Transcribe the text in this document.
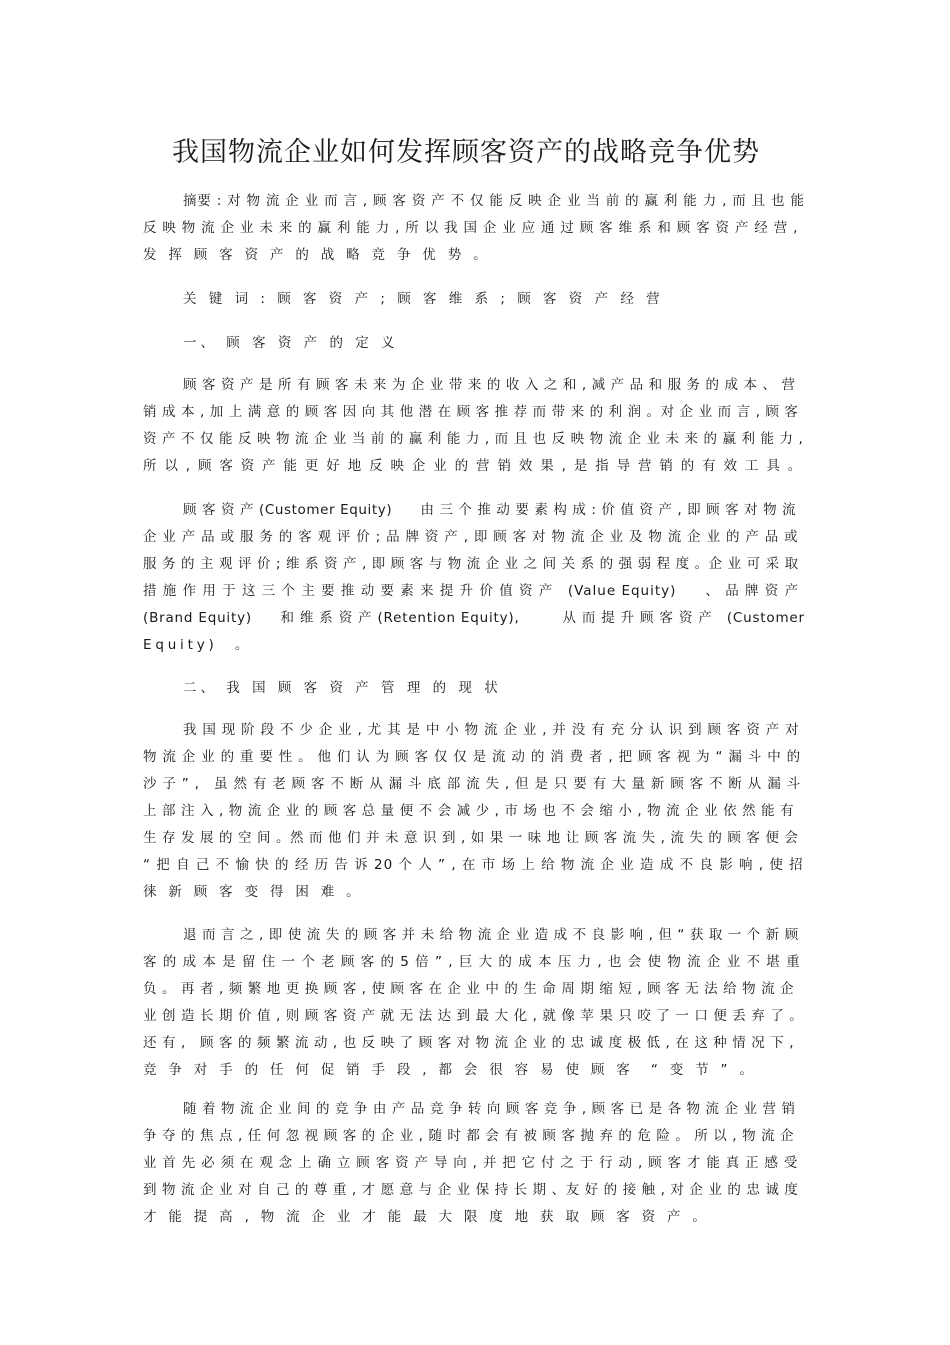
我国物流企业如何发挥顾客资产的战略竞争优势
摘要 : 对 物 流 企 业 而 言 , 顾 客 资 产 不 仅 能 反 映 企 业 当 前 的 赢 利 能 力 , 而 且 也 能
反 映 物 流 企 业 未 来 的 赢 利 能 力 , 所 以 我 国 企 业 应 通 过 顾 客 维 系 和 顾 客 资 产 经 营 ,
发 挥 顾 客 资 产 的 战 略 竞 争 优 势 。
关 键 词 : 顾 客 资 产 ; 顾 客 维 系 ; 顾 客 资 产 经 营
一、 顾 客 资 产 的 定 义
顾 客 资 产 是 所 有 顾 客 未 来 为 企 业 带 来 的 收 入 之 和 , 减 产 品 和 服 务 的 成 本 、 营
销 成 本 , 加 上 满 意 的 顾 客 因 向 其 他 潜 在 顾 客 推 荐 而 带 来 的 利 润 。对 企 业 而 言 , 顾 客
资 产 不 仅 能 反 映 物 流 企 业 当 前 的 赢 利 能 力 , 而 且 也 反 映 物 流 企 业 未 来 的 赢 利 能 力 ,
所 以 , 顾 客 资 产 能 更 好 地 反 映 企 业 的 营 销 效 果 , 是 指 导 营 销 的 有 效 工 具 。
顾 客 资 产 (Customer Equity)　　由 三 个 推 动 要 素 构 成 : 价 值 资 产 , 即 顾 客 对 物 流
企 业 产 品 或 服 务 的 客 观 评 价 ; 品 牌 资 产 , 即 顾 客 对 物 流 企 业 及 物 流 企 业 的 产 品 或
服 务 的 主 观 评 价 ; 维 系 资 产 , 即 顾 客 与 物 流 企 业 之 间 关 系 的 强 弱 程 度 。企 业 可 采 取
措 施 作 用 于 这 三 个 主 要 推 动 要 素 来 提 升 价 值 资 产　(Value Equity)　　、 品 牌 资 产
(Brand Equity)　　和 维 系 资 产 (Retention Equity),　　　从 而 提 升 顾 客 资 产　(Customer
Equity)　。
二、 我 国 顾 客 资 产 管 理 的 现 状
我 国 现 阶 段 不 少 企 业 , 尤 其 是 中 小 物 流 企 业 , 并 没 有 充 分 认 识 到 顾 客 资 产 对
物 流 企 业 的 重 要 性 。 他 们 认 为 顾 客 仅 仅 是 流 动 的 消 费 者 , 把 顾 客 视 为 “ 漏 斗 中 的
沙 子 ” ,　虽 然 有 老 顾 客 不 断 从 漏 斗 底 部 流 失 , 但 是 只 要 有 大 量 新 顾 客 不 断 从 漏 斗
上 部 注 入 , 物 流 企 业 的 顾 客 总 量 便 不 会 减 少 , 市 场 也 不 会 缩 小 , 物 流 企 业 依 然 能 有
生 存 发 展 的 空 间 。然 而 他 们 并 未 意 识 到 , 如 果 一 味 地 让 顾 客 流 失 , 流 失 的 顾 客 便 会
“ 把 自 己 不 愉 快 的 经 历 告 诉 20 个 人 ” , 在 市 场 上 给 物 流 企 业 造 成 不 良 影 响 , 使 招
徕 新 顾 客 变 得 困 难 。
退 而 言 之 , 即 使 流 失 的 顾 客 并 未 给 物 流 企 业 造 成 不 良 影 响 , 但 “ 获 取 一 个 新 顾
客 的 成 本 是 留 住 一 个 老 顾 客 的 5 倍 ” , 巨 大 的 成 本 压 力 , 也 会 使 物 流 企 业 不 堪 重
负 。 再 者 , 频 繁 地 更 换 顾 客 , 使 顾 客 在 企 业 中 的 生 命 周 期 缩 短 , 顾 客 无 法 给 物 流 企
业 创 造 长 期 价 值 , 则 顾 客 资 产 就 无 法 达 到 最 大 化 , 就 像 苹 果 只 咬 了 一 口 便 丢 弃 了 。
还 有 ,　顾 客 的 频 繁 流 动 , 也 反 映 了 顾 客 对 物 流 企 业 的 忠 诚 度 极 低 , 在 这 种 情 况 下 ,
竞 争 对 手 的 任 何 促 销 手 段 , 都 会 很 容 易 使 顾 客　“ 变 节 ” 。
随 着 物 流 企 业 间 的 竞 争 由 产 品 竞 争 转 向 顾 客 竞 争 , 顾 客 已 是 各 物 流 企 业 营 销
争 夺 的 焦 点 , 任 何 忽 视 顾 客 的 企 业 , 随 时 都 会 有 被 顾 客 抛 弃 的 危 险 。 所 以 , 物 流 企
业 首 先 必 须 在 观 念 上 确 立 顾 客 资 产 导 向 , 并 把 它 付 之 于 行 动 , 顾 客 才 能 真 正 感 受
到 物 流 企 业 对 自 己 的 尊 重 , 才 愿 意 与 企 业 保 持 长 期 、友 好 的 接 触 , 对 企 业 的 忠 诚 度
才 能 提 高 , 物 流 企 业 才 能 最 大 限 度 地 获 取 顾 客 资 产 。
